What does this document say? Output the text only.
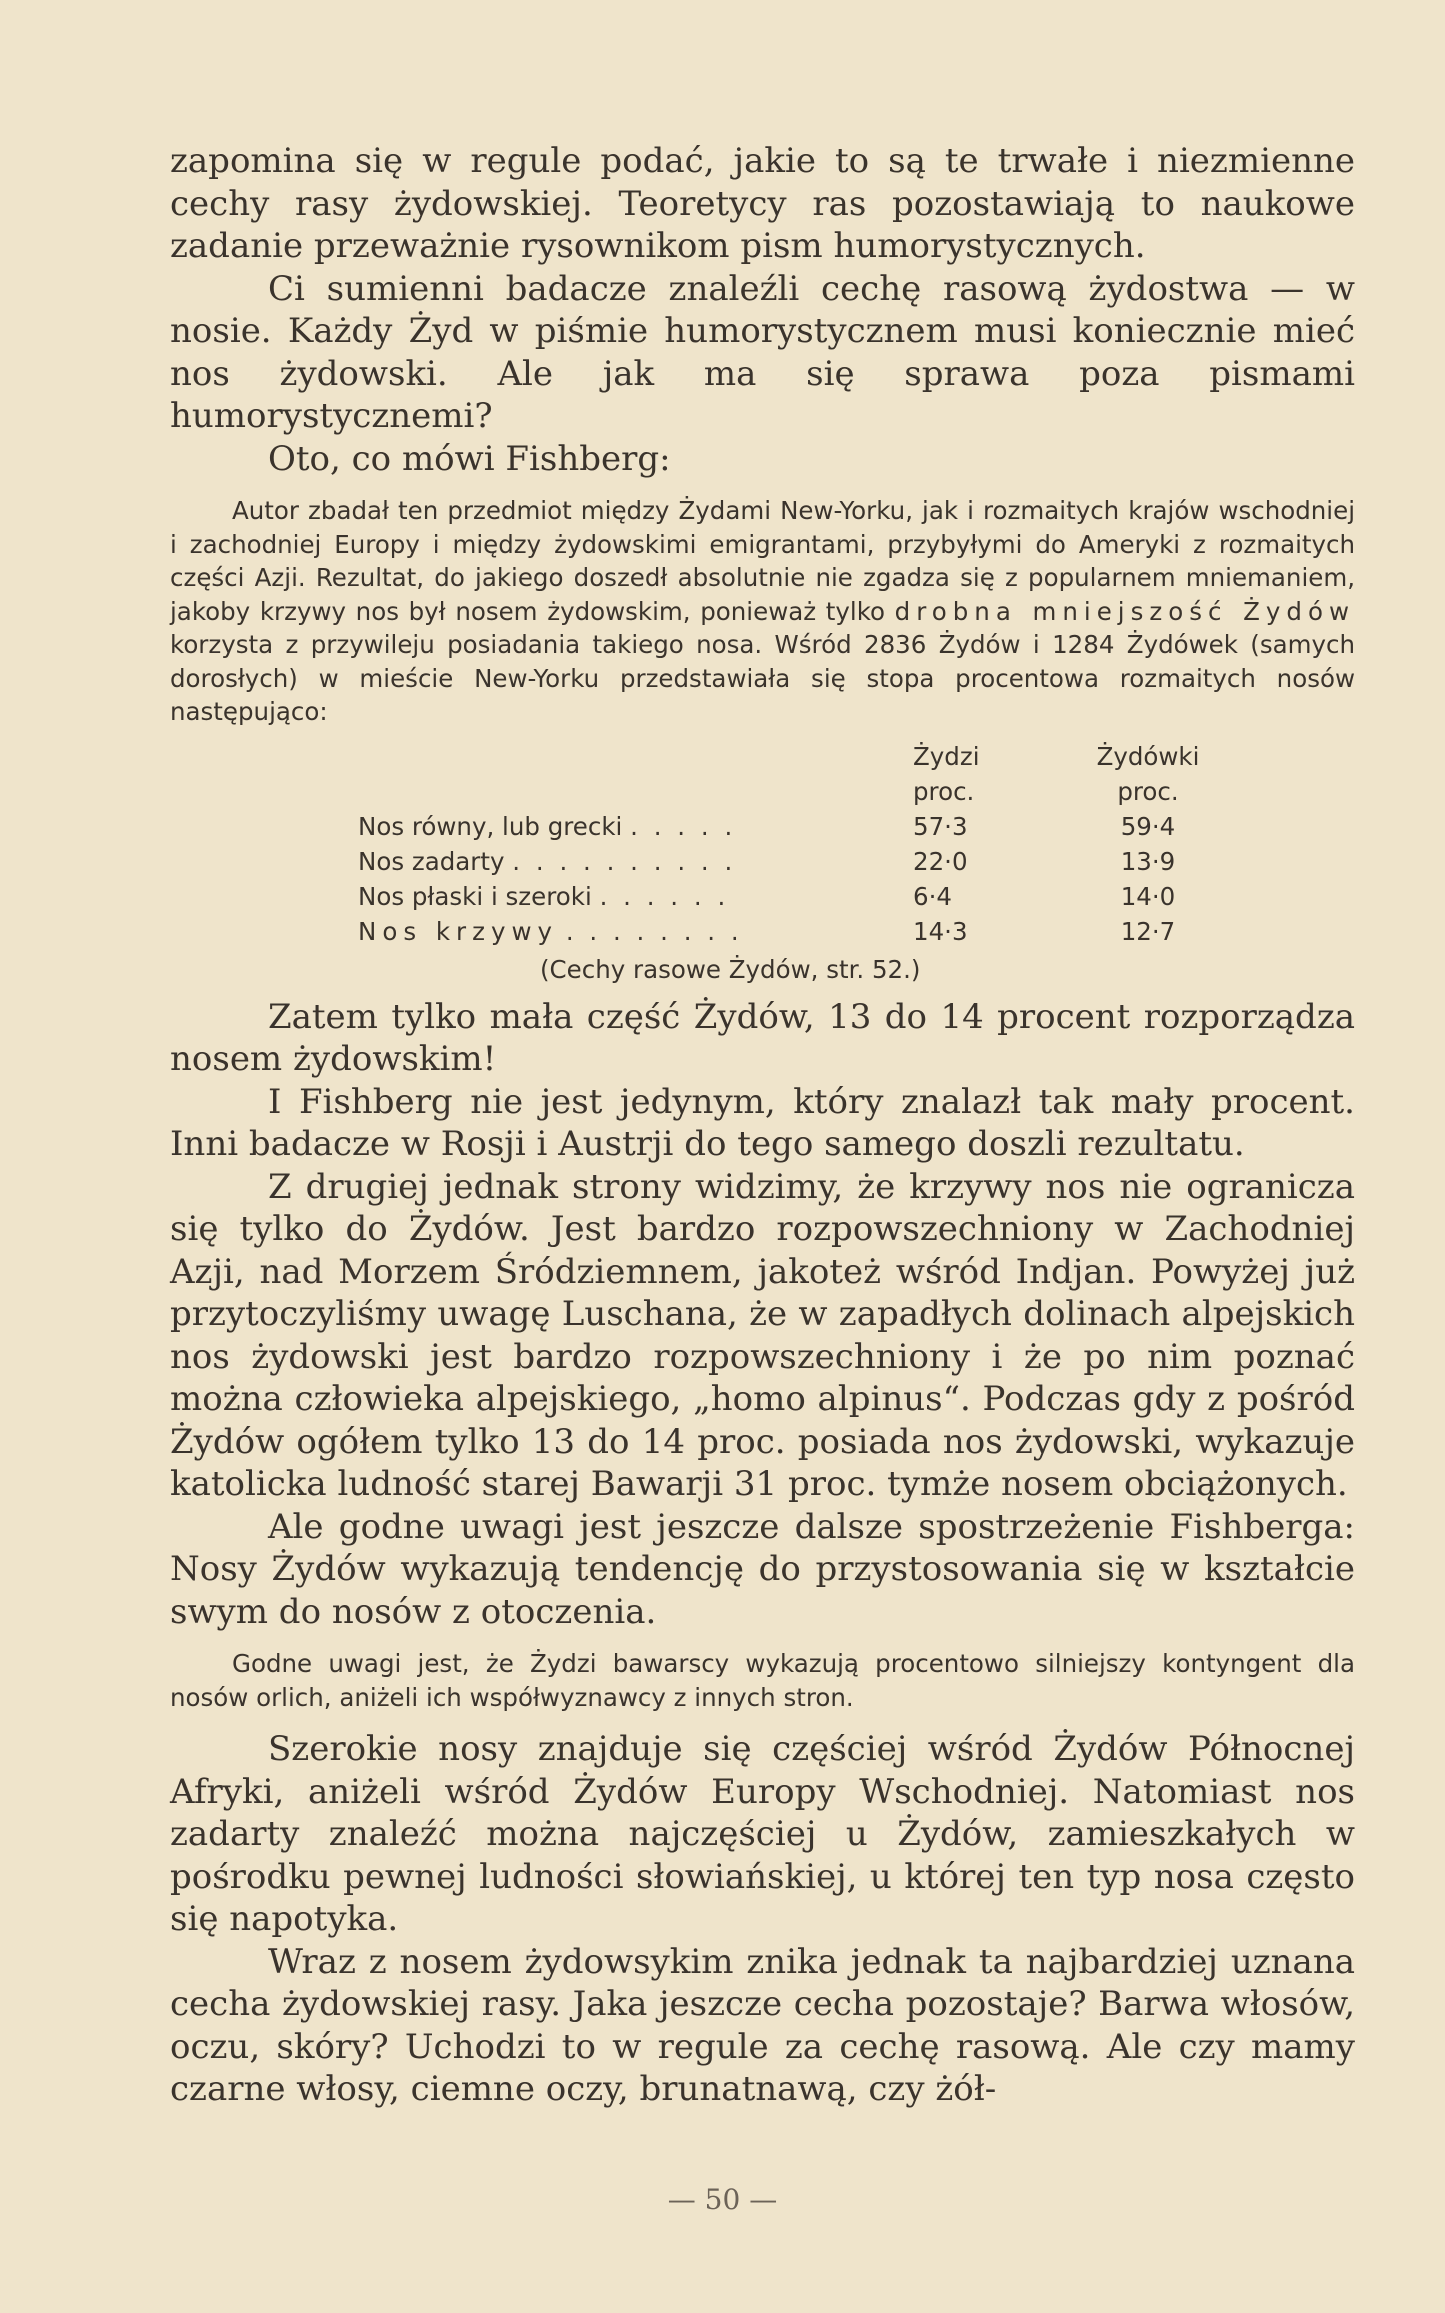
zapomina się w regule podać, jakie to są te trwałe i niezmienne cechy rasy żydowskiej. Teoretycy ras pozostawiają to naukowe zadanie przeważnie rysownikom pism humorystycznych.

Ci sumienni badacze znaleźli cechę rasową żydostwa — w nosie. Każdy Żyd w piśmie humorystycznem musi koniecznie mieć nos żydowski. Ale jak ma się sprawa poza pismami humorystycznemi?

Oto, co mówi Fishberg:

Autor zbadał ten przedmiot między Żydami New-Yorku, jak i rozmaitych krajów wschodniej i zachodniej Europy i między żydowskimi emigrantami, przybyłymi do Ameryki z rozmaitych części Azji. Rezultat, do jakiego doszedł absolutnie nie zgadza się z popularnem mniemaniem, jakoby krzywy nos był nosem żydowskim, ponieważ tylko drobna mniejszość Żydów korzysta z przywileju posiadania takiego nosa. Wśród 2836 Żydów i 1284 Żydówek (samych dorosłych) w mieście New-Yorku przedstawiała się stopa procentowa rozmaitych nosów następująco:

	Żydzi	Żydówki
	proc.	proc.
Nos równy, lub grecki . . . . .	57·3	59·4
Nos zadarty . . . . . . . . . .	22·0	13·9
Nos płaski i szeroki . . . . . .	6·4	14·0
Nos krzywy . . . . . . . .	14·3	12·7
(Cechy rasowe Żydów, str. 52.)

Zatem tylko mała część Żydów, 13 do 14 procent rozporządza nosem żydowskim!

I Fishberg nie jest jedynym, który znalazł tak mały procent. Inni badacze w Rosji i Austrji do tego samego doszli rezultatu.

Z drugiej jednak strony widzimy, że krzywy nos nie ogranicza się tylko do Żydów. Jest bardzo rozpowszechniony w Zachodniej Azji, nad Morzem Śródziemnem, jakoteż wśród Indjan. Powyżej już przytoczyliśmy uwagę Luschana, że w zapadłych dolinach alpejskich nos żydowski jest bardzo rozpowszechniony i że po nim poznać można człowieka alpejskiego, „homo alpinus“. Podczas gdy z pośród Żydów ogółem tylko 13 do 14 proc. posiada nos żydowski, wykazuje katolicka ludność starej Bawarji 31 proc. tymże nosem obciążonych.

Ale godne uwagi jest jeszcze dalsze spostrzeżenie Fishberga: Nosy Żydów wykazują tendencję do przystosowania się w kształcie swym do nosów z otoczenia.

Godne uwagi jest, że Żydzi bawarscy wykazują procentowo silniejszy kontyngent dla nosów orlich, aniżeli ich współwyznawcy z innych stron.

Szerokie nosy znajduje się częściej wśród Żydów Północnej Afryki, aniżeli wśród Żydów Europy Wschodniej. Natomiast nos zadarty znaleźć można najczęściej u Żydów, zamieszkałych w pośrodku pewnej ludności słowiańskiej, u której ten typ nosa często się napotyka.

Wraz z nosem żydowsykim znika jednak ta najbardziej uznana cecha żydowskiej rasy. Jaka jeszcze cecha pozostaje? Barwa włosów, oczu, skóry? Uchodzi to w regule za cechę rasową. Ale czy mamy czarne włosy, ciemne oczy, brunatnawą, czy żół-

— 50 —
